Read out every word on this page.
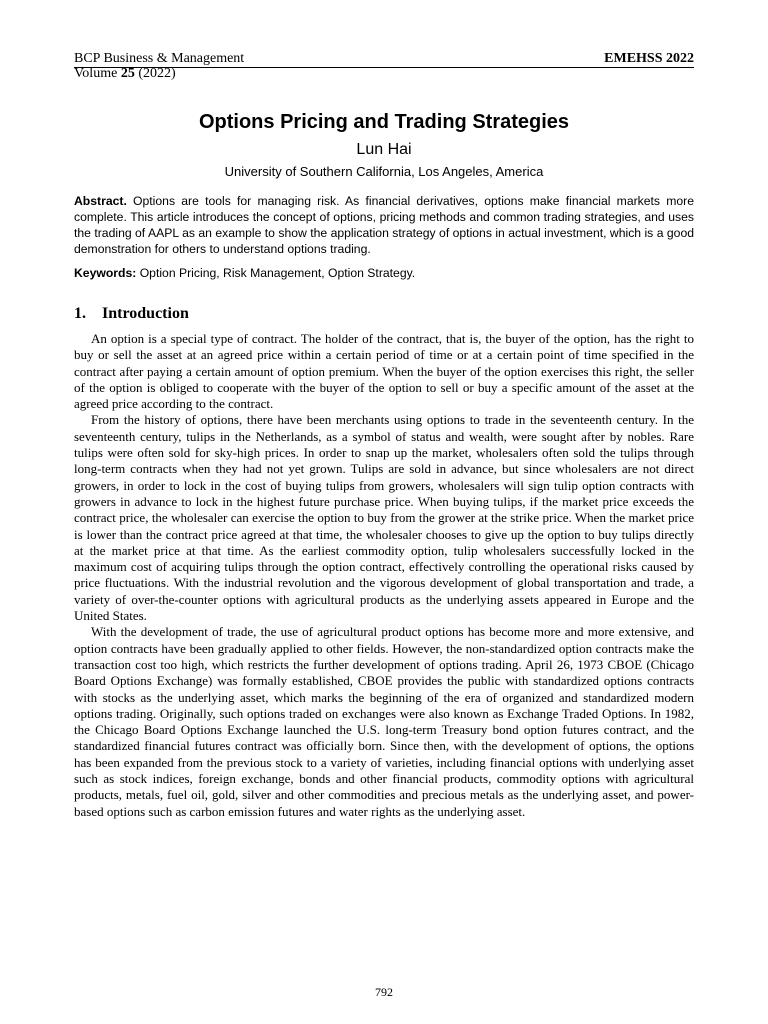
BCP Business & Management	EMEHSS 2022
Volume 25 (2022)
Options Pricing and Trading Strategies
Lun Hai
University of Southern California, Los Angeles, America
Abstract. Options are tools for managing risk. As financial derivatives, options make financial markets more complete. This article introduces the concept of options, pricing methods and common trading strategies, and uses the trading of AAPL as an example to show the application strategy of options in actual investment, which is a good demonstration for others to understand options trading.
Keywords: Option Pricing, Risk Management, Option Strategy.
1. Introduction

An option is a special type of contract. The holder of the contract, that is, the buyer of the option, has the right to buy or sell the asset at an agreed price within a certain period of time or at a certain point of time specified in the contract after paying a certain amount of option premium. When the buyer of the option exercises this right, the seller of the option is obliged to cooperate with the buyer of the option to sell or buy a specific amount of the asset at the agreed price according to the contract.

From the history of options, there have been merchants using options to trade in the seventeenth century. In the seventeenth century, tulips in the Netherlands, as a symbol of status and wealth, were sought after by nobles. Rare tulips were often sold for sky-high prices. In order to snap up the market, wholesalers often sold the tulips through long-term contracts when they had not yet grown. Tulips are sold in advance, but since wholesalers are not direct growers, in order to lock in the cost of buying tulips from growers, wholesalers will sign tulip option contracts with growers in advance to lock in the highest future purchase price. When buying tulips, if the market price exceeds the contract price, the wholesaler can exercise the option to buy from the grower at the strike price. When the market price is lower than the contract price agreed at that time, the wholesaler chooses to give up the option to buy tulips directly at the market price at that time. As the earliest commodity option, tulip wholesalers successfully locked in the maximum cost of acquiring tulips through the option contract, effectively controlling the operational risks caused by price fluctuations. With the industrial revolution and the vigorous development of global transportation and trade, a variety of over-the-counter options with agricultural products as the underlying assets appeared in Europe and the United States.

With the development of trade, the use of agricultural product options has become more and more extensive, and option contracts have been gradually applied to other fields. However, the non-standardized option contracts make the transaction cost too high, which restricts the further development of options trading. April 26, 1973 CBOE (Chicago Board Options Exchange) was formally established, CBOE provides the public with standardized options contracts with stocks as the underlying asset, which marks the beginning of the era of organized and standardized modern options trading. Originally, such options traded on exchanges were also known as Exchange Traded Options. In 1982, the Chicago Board Options Exchange launched the U.S. long-term Treasury bond option futures contract, and the standardized financial futures contract was officially born. Since then, with the development of options, the options has been expanded from the previous stock to a variety of varieties, including financial options with underlying asset such as stock indices, foreign exchange, bonds and other financial products, commodity options with agricultural products, metals, fuel oil, gold, silver and other commodities and precious metals as the underlying asset, and power-based options such as carbon emission futures and water rights as the underlying asset.

792
